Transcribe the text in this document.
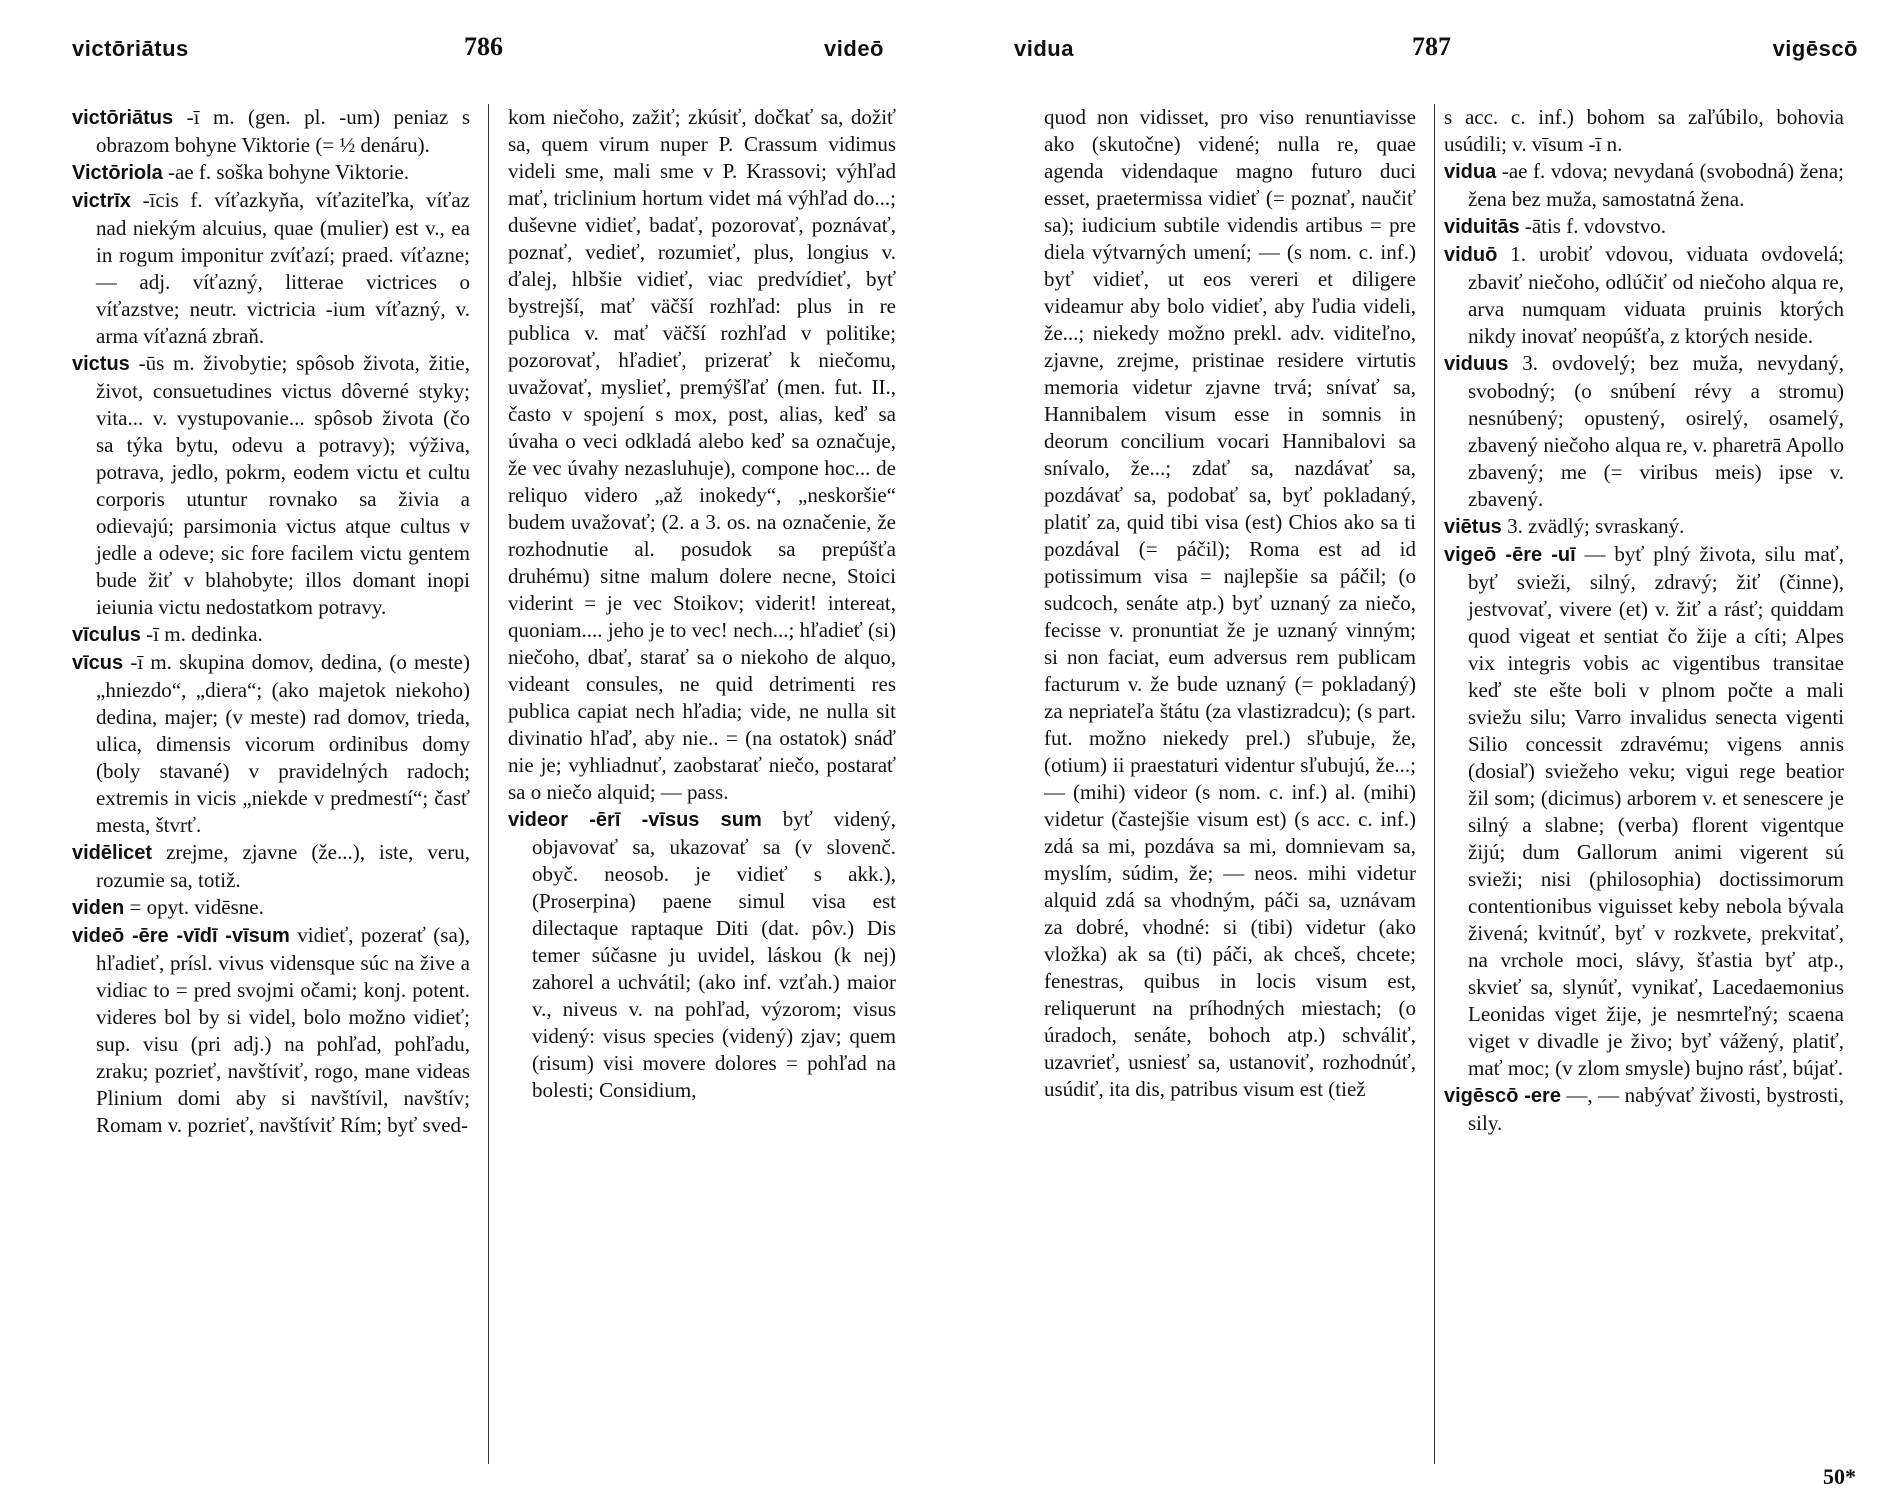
victōriātus	786	videō

victōriātus -ī m. (gen. pl. -um) peniaz s obrazom bohyne Viktorie (= ½ denáru).

Victōriola -ae f. soška bohyne Viktorie.

victrīx -īcis f. víťazkyňa, víťaziteľka, víťaz nad niekým alcuius, quae (mulier) est v., ea in rogum imponitur zvíťazí; praed. víťazne; — adj. víťazný, litterae victrices o víťazstve; neutr. victricia -ium víťazný, v. arma víťazná zbraň.

victus -ūs m. živobytie; spôsob života, žitie, život, consuetudines victus dôverné styky; vita... v. vystupovanie... spôsob života (čo sa týka bytu, odevu a potravy); výživa, potrava, jedlo, pokrm, eodem victu et cultu corporis utuntur rovnako sa živia a odievajú; parsimonia victus atque cultus v jedle a odeve; sic fore facilem victu gentem bude žiť v blahobyte; illos domant inopi ieiunia victu nedostatkom potravy.

vīculus -ī m. dedinka.

vīcus -ī m. skupina domov, dedina, (o meste) „hniezdo“, „diera“; (ako majetok niekoho) dedina, majer; (v meste) rad domov, trieda, ulica, dimensis vicorum ordinibus domy (boly stavané) v pravidelných radoch; extremis in vicis „niekde v predmestí“; časť mesta, štvrť.

vidēlicet zrejme, zjavne (že...), iste, veru, rozumie sa, totiž.

viden = opyt. vidēsne.

videō -ēre -vīdī -vīsum vidieť, pozerať (sa), hľadieť, prísl. vivus vidensque súc na žive a vidiac to = pred svojmi očami; konj. potent. videres bol by si videl, bolo možno vidieť; sup. visu (pri adj.) na pohľad, pohľadu, zraku; pozrieť, navštíviť, rogo, mane videas Plinium domi aby si navštívil, navštív; Romam v. pozrieť, navštíviť Rím; byť sved-

kom niečoho, zažiť; zkúsiť, dočkať sa, dožiť sa, quem virum nuper P. Crassum vidimus videli sme, mali sme v P. Krassovi; výhľad mať, triclinium hortum videt má výhľad do...; duševne vidieť, badať, pozorovať, poznávať, poznať, vedieť, rozumieť, plus, longius v. ďalej, hlbšie vidieť, viac predvídieť, byť bystrejší, mať väčší rozhľad: plus in re publica v. mať väčší rozhľad v politike; pozorovať, hľadieť, prizerať k niečomu, uvažovať, myslieť, premýšľať (men. fut. II., často v spojení s mox, post, alias, keď sa úvaha o veci odkladá alebo keď sa označuje, že vec úvahy nezasluhuje), compone hoc... de reliquo videro „až inokedy“, „neskoršie“ budem uvažovať; (2. a 3. os. na označenie, že rozhodnutie al. posudok sa prepúšťa druhému) sitne malum dolere necne, Stoici viderint = je vec Stoikov; viderit! intereat, quoniam.... jeho je to vec! nech...; hľadieť (si) niečoho, dbať, starať sa o niekoho de alquo, videant consules, ne quid detrimenti res publica capiat nech hľadia; vide, ne nulla sit divinatio hľaď, aby nie.. = (na ostatok) snáď nie je; vyhliadnuť, zaobstarať niečo, postarať sa o niečo alquid; — pass.

videor -ērī -vīsus sum byť videný, objavovať sa, ukazovať sa (v slovenč. obyč. neosob. je vidieť s akk.), (Proserpina) paene simul visa est dilectaque raptaque Diti (dat. pôv.) Dis temer súčasne ju uvidel, láskou (k nej) zahorel a uchvátil; (ako inf. vzťah.) maior v., niveus v. na pohľad, výzorom; visus videný: visus species (videný) zjav; quem (risum) visi movere dolores = pohľad na bolesti; Considium,

vidua	787	vigēscō

quod non vidisset, pro viso renuntiavisse ako (skutočne) videné; nulla re, quae agenda videndaque magno futuro duci esset, praetermissa vidieť (= poznať, naučiť sa); iudicium subtile videndis artibus = pre diela výtvarných umení; — (s nom. c. inf.) byť vidieť, ut eos vereri et diligere videamur aby bolo vidieť, aby ľudia videli, že...; niekedy možno prekl. adv. viditeľno, zjavne, zrejme, pristinae residere virtutis memoria videtur zjavne trvá; snívať sa, Hannibalem visum esse in somnis in deorum concilium vocari Hannibalovi sa snívalo, že...; zdať sa, nazdávať sa, pozdávať sa, podobať sa, byť pokladaný, platiť za, quid tibi visa (est) Chios ako sa ti pozdával (= páčil); Roma est ad id potissimum visa = najlepšie sa páčil; (o sudcoch, senáte atp.) byť uznaný za niečo, fecisse v. pronuntiat že je uznaný vinným; si non faciat, eum adversus rem publicam facturum v. že bude uznaný (= pokladaný) za nepriateľa štátu (za vlastizradcu); (s part. fut. možno niekedy prel.) sľubuje, že, (otium) ii praestaturi videntur sľubujú, že...; — (mihi) videor (s nom. c. inf.) al. (mihi) videtur (častejšie visum est) (s acc. c. inf.) zdá sa mi, pozdáva sa mi, domnievam sa, myslím, súdim, že; — neos. mihi videtur alquid zdá sa vhodným, páči sa, uznávam za dobré, vhodné: si (tibi) videtur (ako vložka) ak sa (ti) páči, ak chceš, chcete; fenestras, quibus in locis visum est, reliquerunt na príhodných miestach; (o úradoch, senáte, bohoch atp.) schváliť, uzavrieť, usniesť sa, ustanoviť, rozhodnúť, usúdiť, ita dis, patribus visum est (tiež

s acc. c. inf.) bohom sa zaľúbilo, bohovia usúdili; v. vīsum -ī n.

vidua -ae f. vdova; nevydaná (svobodná) žena; žena bez muža, samostatná žena.

viduitās -ātis f. vdovstvo.

viduō 1. urobiť vdovou, viduata ovdovelá; zbaviť niečoho, odlúčiť od niečoho alqua re, arva numquam viduata pruinis ktorých nikdy inovať neopúšťa, z ktorých neside.

viduus 3. ovdovelý; bez muža, nevydaný, svobodný; (o snúbení révy a stromu) nesnúbený; opustený, osirelý, osamelý, zbavený niečoho alqua re, v. pharetrā Apollo zbavený; me (= viribus meis) ipse v. zbavený.

viētus 3. zvädlý; svraskaný.

vigeō -ēre -uī — byť plný života, silu mať, byť svieži, silný, zdravý; žiť (činne), jestvovať, vivere (et) v. žiť a rásť; quiddam quod vigeat et sentiat čo žije a cíti; Alpes vix integris vobis ac vigentibus transitae keď ste ešte boli v plnom počte a mali sviežu silu; Varro invalidus senecta vigenti Silio concessit zdravému; vigens annis (dosiaľ) sviežeho veku; vigui rege beatior žil som; (dicimus) arborem v. et senescere je silný a slabne; (verba) florent vigentque žijú; dum Gallorum animi vigerent sú svieži; nisi (philosophia) doctissimorum contentionibus viguisset keby nebola bývala živená; kvitnúť, byť v rozkvete, prekvitať, na vrchole moci, slávy, šťastia byť atp., skvieť sa, slynúť, vynikať, Lacedaemonius Leonidas viget žije, je nesmrteľný; scaena viget v divadle je živo; byť vážený, platiť, mať moc; (v zlom smysle) bujno rásť, bújať.

vigēscō -ere —, — nabývať živosti, bystrosti, sily.

50*
